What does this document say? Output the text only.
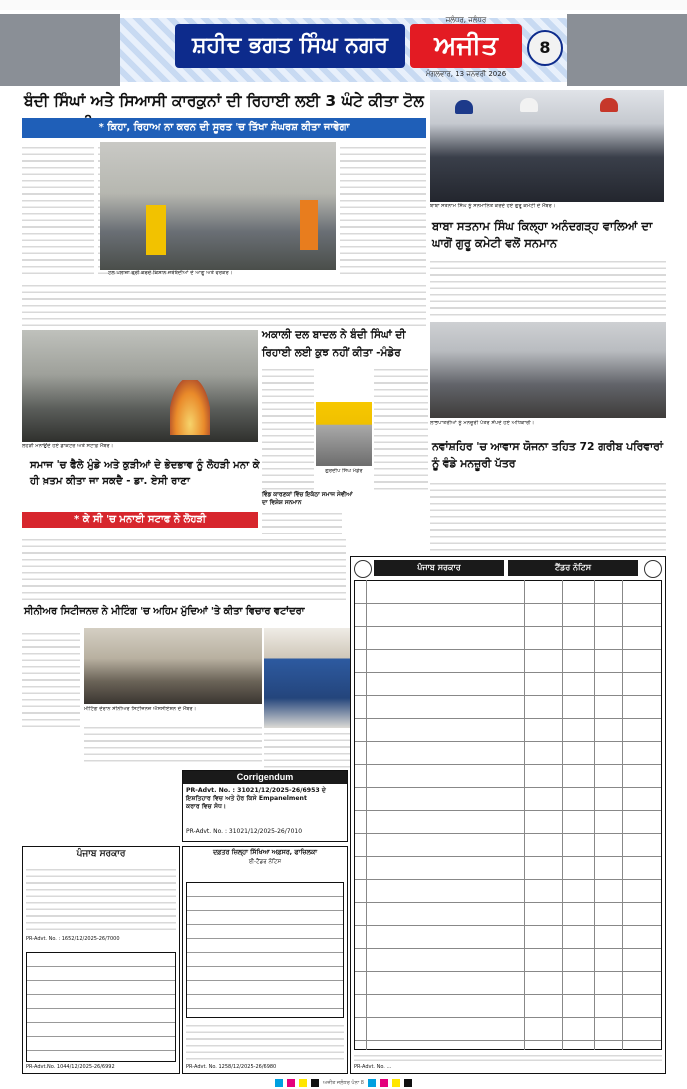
ਸ਼ਹੀਦ ਭਗਤ ਸਿੰਘ ਨਗਰ
ਜਲੰਧਰ, ਜਲੰਧਰ
ਅਜੀਤ
ਮੰਗਲਵਾਰ, 13 ਜਨਵਰੀ 2026
8
ਬੰਦੀ ਸਿੰਘਾਂ ਅਤੇ ਸਿਆਸੀ ਕਾਰਕੁਨਾਂ ਦੀ ਰਿਹਾਈ ਲਈ 3 ਘੰਟੇ ਕੀਤਾ ਟੋਲ
* ਕਿਹਾ, ਰਿਹਾਅ ਨਾ ਕਰਨ ਦੀ ਸੂਰਤ 'ਚ ਤਿੱਖਾ ਸੰਘਰਸ਼ ਕੀਤਾ ਜਾਵੇਗਾ
ਟੋਲ ਪਲਾਜ਼ਾ ਫ੍ਰੀ ਕਰਦੇ ਕਿਸਾਨ ਜਥੇਬੰਦੀਆਂ ਦੇ ਆਗੂ ਅਤੇ ਵਰਕਰ।
ਬਾਬਾ ਸਤਨਾਮ ਸਿੰਘ ਨੂੰ ਸਨਮਾਨਿਤ ਕਰਦੇ ਹੋਏ ਗੁਰੂ ਕਮੇਟੀ ਦੇ ਮੈਂਬਰ।
ਬਾਬਾ ਸਤਨਾਮ ਸਿੰਘ ਕਿਲ੍ਹਾ ਅਨੰਦਗੜ੍ਹ ਵਾਲਿਆਂ ਦਾ ਘਾਗੋਂ ਗੁਰੂ ਕਮੇਟੀ ਵਲੋਂ ਸਨਮਾਨ
ਅਕਾਲੀ ਦਲ ਬਾਦਲ ਨੇ ਬੰਦੀ ਸਿੰਘਾਂ ਦੀ ਰਿਹਾਈ ਲਈ ਕੁਝ ਨਹੀਂ ਕੀਤਾ -ਮੰਡੇਰ
ਗੁਰਦੀਪ ਸਿੰਘ ਮੰਡੇਰ
ਵਿੰਡ ਕਾਰਣਕਾਂ ਵਿੱਚ ਇਕੱਠਾ ਸਮਾਜ ਸੇਵੀਆਂ ਦਾ ਵਿਸ਼ੇਸ਼ ਸਨਮਾਨ
ਲੋਹੜੀ ਮਨਾਉਂਦੇ ਹੋਏ ਡਾਕਟਰ ਅਤੇ ਸਟਾਫ਼ ਮੈਂਬਰ।
ਸਮਾਜ 'ਚ ਫੈਲੇ ਮੁੰਡੇ ਅਤੇ ਕੁੜੀਆਂ ਦੇ ਭੇਦਭਾਵ ਨੂੰ ਲੋਹੜੀ ਮਨਾ ਕੇ ਹੀ ਖ਼ਤਮ ਕੀਤਾ ਜਾ ਸਕਦੈ - ਡਾ. ਏਸੀ ਰਾਣਾ
* ਕੇ ਸੀ 'ਚ ਮਨਾਈ ਸਟਾਫ ਨੇ ਲੋਹੜੀ
ਲਾਭਪਾਤਰੀਆਂ ਨੂੰ ਮਨਜ਼ੂਰੀ ਪੱਤਰ ਸੌਂਪਦੇ ਹੋਏ ਅਧਿਕਾਰੀ।
ਨਵਾਂਸ਼ਹਿਰ 'ਚ ਆਵਾਸ ਯੋਜਨਾ ਤਹਿਤ 72 ਗਰੀਬ ਪਰਿਵਾਰਾਂ ਨੂੰ ਵੰਡੇ ਮਨਜ਼ੂਰੀ ਪੱਤਰ
ਸੀਨੀਅਰ ਸਿਟੀਜਨਜ਼ ਨੇ ਮੀਟਿੰਗ 'ਚ ਅਹਿਮ ਮੁੱਦਿਆਂ 'ਤੇ ਕੀਤਾ ਵਿਚਾਰ ਵਟਾਂਦਰਾ
ਮੀਟਿੰਗ ਦੌਰਾਨ ਸੀਨੀਅਰ ਸਿਟੀਜਨਜ਼ ਐਸੋਸੀਏਸ਼ਨ ਦੇ ਮੈਂਬਰ।
Corrigendum
PR-Advt. No. : 31021/12/2025-26/6953 ਦੇ
ਇਸ਼ਤਿਹਾਰ ਵਿਚ ਅਤੇ ਹੋਰ ਕਿਸੇ Empanelment
ਕਰਾਰ ਵਿਚ ਸੋਧ।
PR-Advt. No. : 31021/12/2025-26/7010
ਪੰਜਾਬ ਸਰਕਾਰ
PR-Advt. No. : 1652/12/2025-26/7000
PR-Advt.No. 1044/12/2025-26/6992
ਦਫ਼ਤਰ ਜ਼ਿਲ੍ਹਾ ਸਿੱਖਿਆ ਅਫ਼ਸਰ, ਫਾਜ਼ਿਲਕਾ
ਈ-ਟੈਂਡਰ ਨੋਟਿਸ
PR-Advt. No. 1258/12/2025-26/6980
ਪੰਜਾਬ ਸਰਕਾਰ	ਟੈਂਡਰ ਨੋਟਿਸ
PR-Advt. No. ...
ਅਜੀਤ ਜਲੰਧਰ ਪੰਨਾ 8
